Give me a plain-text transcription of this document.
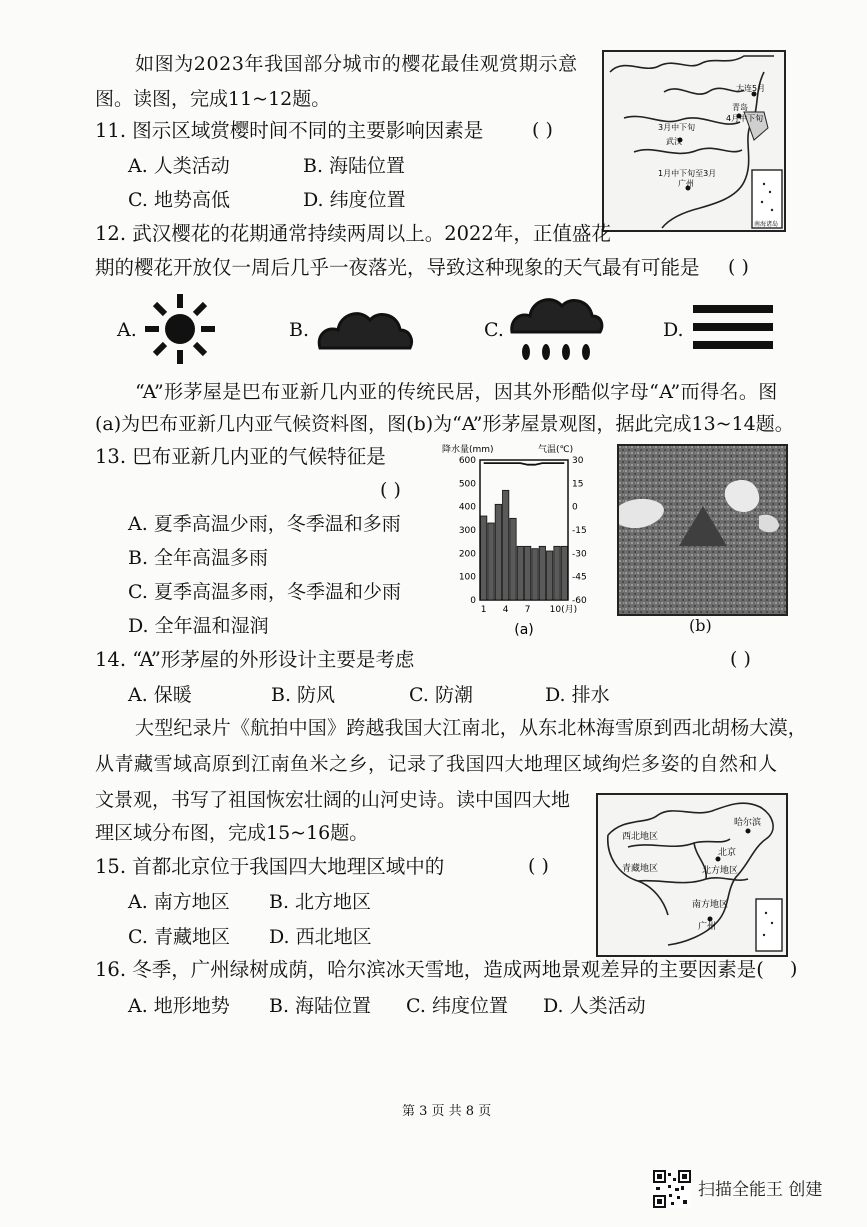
如图为2023年我国部分城市的樱花最佳观赏期示意
图。读图，完成11~12题。	大连5月
青岛
4月中下旬
3月中下旬
武汉
1月中下旬至3月
广州
南海诸岛
11. 图示区域赏樱时间不同的主要影响因素是	( )
A. 人类活动	B. 海陆位置
C. 地势高低	D. 纬度位置
12. 武汉樱花的花期通常持续两周以上。2022年，正值盛花
期的樱花开放仅一周后几乎一夜落光，导致这种现象的天气最有可能是 ( )
A.	B.	C.	D.
“A”形茅屋是巴布亚新几内亚的传统民居，因其外形酷似字母“A”而得名。图
(a)为巴布亚新几内亚气候资料图，图(b)为“A”形茅屋景观图，据此完成13~14题。
13. 巴布亚新几内亚的气候特征是
( )
A. 夏季高温少雨，冬季温和多雨
B. 全年高温多雨
C. 夏季高温多雨，冬季温和少雨
D. 全年温和湿润
降水量(mm)	气温(℃)
600
500
400
300
200
100
0
30
15
0
-15
-30
-45
-60
1 4 7 10(月)
(a)	(b)
14. “A”形茅屋的外形设计主要是考虑	( )
A. 保暖	B. 防风	C. 防潮	D. 排水
大型纪录片《航拍中国》跨越我国大江南北，从东北林海雪原到西北胡杨大漠，
从青藏雪域高原到江南鱼米之乡，记录了我国四大地理区域绚烂多姿的自然和人
文景观，书写了祖国恢宏壮阔的山河史诗。读中国四大地
理区域分布图，完成15~16题。	西北地区
哈尔滨
北京
北方地区
青藏地区
南方地区
广州
15. 首都北京位于我国四大地理区域中的	( )
A. 南方地区 B. 北方地区
C. 青藏地区 D. 西北地区
16. 冬季，广州绿树成荫，哈尔滨冰天雪地，造成两地景观差异的主要因素是( )
A. 地形地势 B. 海陆位置 C. 纬度位置 D. 人类活动
第 3 页 共 8 页
扫描全能王 创建
